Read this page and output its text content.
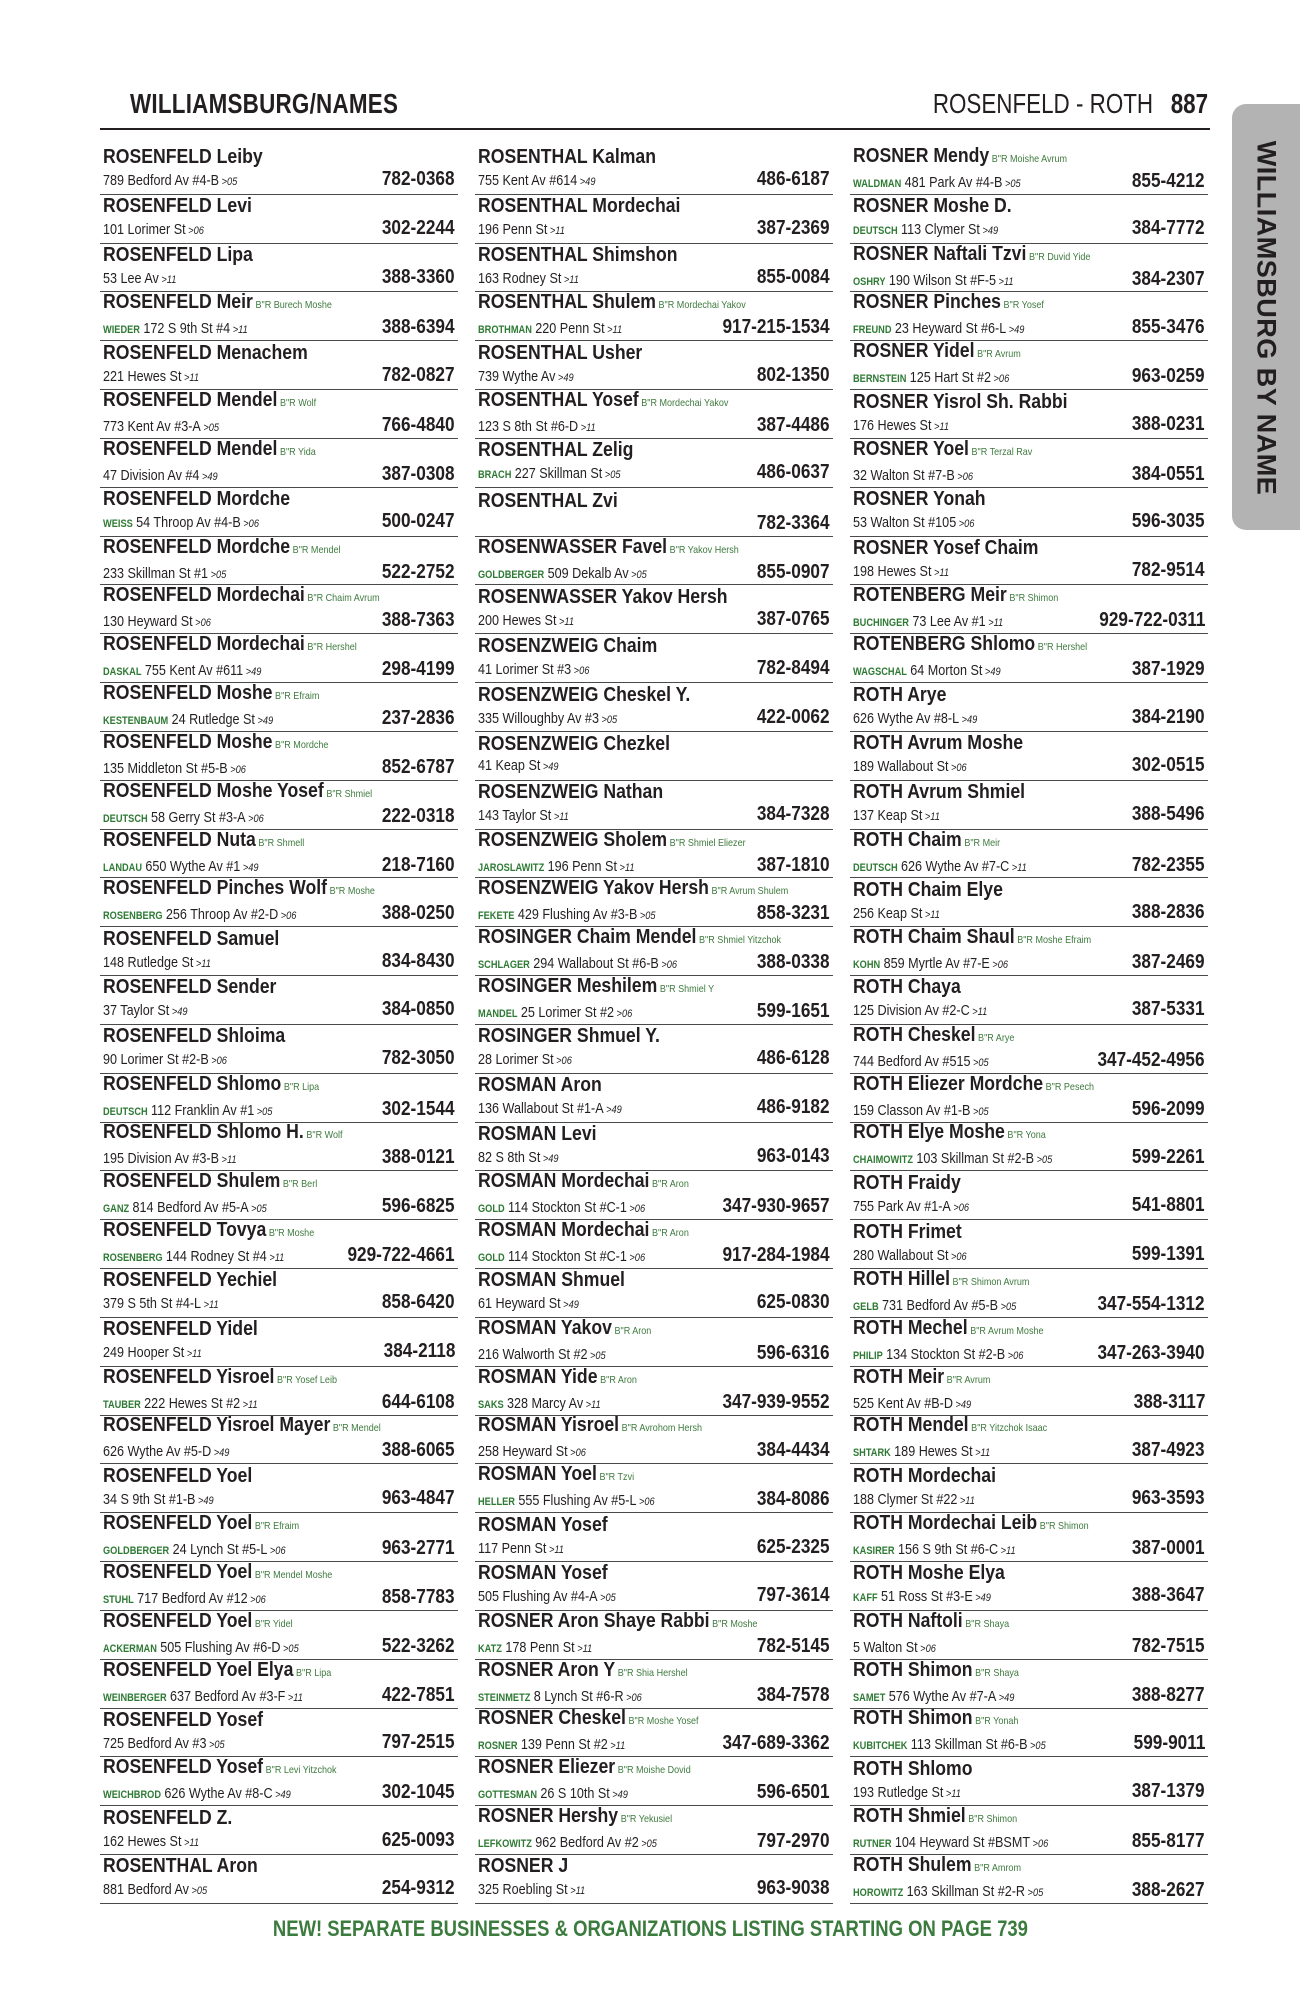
WILLIAMSBURG/NAMES	ROSENFELD - ROTH 887
WILLIAMSBURG BY NAME
ROSENFELD Leiby
789 Bedford Av #4-B >05	782-0368
ROSENFELD Levi
101 Lorimer St >06	302-2244
ROSENFELD Lipa
53 Lee Av >11	388-3360
ROSENFELD Meir B"R Burech Moshe
WIEDER 172 S 9th St #4 >11	388-6394
ROSENFELD Menachem
221 Hewes St >11	782-0827
ROSENFELD Mendel B"R Wolf
773 Kent Av #3-A >05	766-4840
ROSENFELD Mendel B"R Yida
47 Division Av #4 >49	387-0308
ROSENFELD Mordche
WEISS 54 Throop Av #4-B >06	500-0247
ROSENFELD Mordche B"R Mendel
233 Skillman St #1 >05	522-2752
ROSENFELD Mordechai B"R Chaim Avrum
130 Heyward St >06	388-7363
ROSENFELD Mordechai B"R Hershel
DASKAL 755 Kent Av #611 >49	298-4199
ROSENFELD Moshe B"R Efraim
KESTENBAUM 24 Rutledge St >49	237-2836
ROSENFELD Moshe B"R Mordche
135 Middleton St #5-B >06	852-6787
ROSENFELD Moshe Yosef B"R Shmiel
DEUTSCH 58 Gerry St #3-A >06	222-0318
ROSENFELD Nuta B"R Shmell
LANDAU 650 Wythe Av #1 >49	218-7160
ROSENFELD Pinches Wolf B"R Moshe
ROSENBERG 256 Throop Av #2-D >06	388-0250
ROSENFELD Samuel
148 Rutledge St >11	834-8430
ROSENFELD Sender
37 Taylor St >49	384-0850
ROSENFELD Shloima
90 Lorimer St #2-B >06	782-3050
ROSENFELD Shlomo B"R Lipa
DEUTSCH 112 Franklin Av #1 >05	302-1544
ROSENFELD Shlomo H. B"R Wolf
195 Division Av #3-B >11	388-0121
ROSENFELD Shulem B"R Berl
GANZ 814 Bedford Av #5-A >05	596-6825
ROSENFELD Tovya B"R Moshe
ROSENBERG 144 Rodney St #4 >11	929-722-4661
ROSENFELD Yechiel
379 S 5th St #4-L >11	858-6420
ROSENFELD Yidel
249 Hooper St >11	384-2118
ROSENFELD Yisroel B"R Yosef Leib
TAUBER 222 Hewes St #2 >11	644-6108
ROSENFELD Yisroel Mayer B"R Mendel
626 Wythe Av #5-D >49	388-6065
ROSENFELD Yoel
34 S 9th St #1-B >49	963-4847
ROSENFELD Yoel B"R Efraim
GOLDBERGER 24 Lynch St #5-L >06	963-2771
ROSENFELD Yoel B"R Mendel Moshe
STUHL 717 Bedford Av #12 >06	858-7783
ROSENFELD Yoel B"R Yidel
ACKERMAN 505 Flushing Av #6-D >05	522-3262
ROSENFELD Yoel Elya B"R Lipa
WEINBERGER 637 Bedford Av #3-F >11	422-7851
ROSENFELD Yosef
725 Bedford Av #3 >05	797-2515
ROSENFELD Yosef B"R Levi Yitzchok
WEICHBROD 626 Wythe Av #8-C >49	302-1045
ROSENFELD Z.
162 Hewes St >11	625-0093
ROSENTHAL Aron
881 Bedford Av >05	254-9312
ROSENTHAL Kalman
755 Kent Av #614 >49	486-6187
ROSENTHAL Mordechai
196 Penn St >11	387-2369
ROSENTHAL Shimshon
163 Rodney St >11	855-0084
ROSENTHAL Shulem B"R Mordechai Yakov
BROTHMAN 220 Penn St >11	917-215-1534
ROSENTHAL Usher
739 Wythe Av >49	802-1350
ROSENTHAL Yosef B"R Mordechai Yakov
123 S 8th St #6-D >11	387-4486
ROSENTHAL Zelig
BRACH 227 Skillman St >05	486-0637
ROSENTHAL Zvi
782-3364
ROSENWASSER Favel B"R Yakov Hersh
GOLDBERGER 509 Dekalb Av >05	855-0907
ROSENWASSER Yakov Hersh
200 Hewes St >11	387-0765
ROSENZWEIG Chaim
41 Lorimer St #3 >06	782-8494
ROSENZWEIG Cheskel Y.
335 Willoughby Av #3 >05	422-0062
ROSENZWEIG Chezkel
41 Keap St >49
ROSENZWEIG Nathan
143 Taylor St >11	384-7328
ROSENZWEIG Sholem B"R Shmiel Eliezer
JAROSLAWITZ 196 Penn St >11	387-1810
ROSENZWEIG Yakov Hersh B"R Avrum Shulem
FEKETE 429 Flushing Av #3-B >05	858-3231
ROSINGER Chaim Mendel B"R Shmiel Yitzchok
SCHLAGER 294 Wallabout St #6-B >06	388-0338
ROSINGER Meshilem B"R Shmiel Y
MANDEL 25 Lorimer St #2 >06	599-1651
ROSINGER Shmuel Y.
28 Lorimer St >06	486-6128
ROSMAN Aron
136 Wallabout St #1-A >49	486-9182
ROSMAN Levi
82 S 8th St >49	963-0143
ROSMAN Mordechai B"R Aron
GOLD 114 Stockton St #C-1 >06	347-930-9657
ROSMAN Mordechai B"R Aron
GOLD 114 Stockton St #C-1 >06	917-284-1984
ROSMAN Shmuel
61 Heyward St >49	625-0830
ROSMAN Yakov B"R Aron
216 Walworth St #2 >05	596-6316
ROSMAN Yide B"R Aron
SAKS 328 Marcy Av >11	347-939-9552
ROSMAN Yisroel B"R Avrohom Hersh
258 Heyward St >06	384-4434
ROSMAN Yoel B"R Tzvi
HELLER 555 Flushing Av #5-L >06	384-8086
ROSMAN Yosef
117 Penn St >11	625-2325
ROSMAN Yosef
505 Flushing Av #4-A >05	797-3614
ROSNER Aron Shaye Rabbi B"R Moshe
KATZ 178 Penn St >11	782-5145
ROSNER Aron Y B"R Shia Hershel
STEINMETZ 8 Lynch St #6-R >06	384-7578
ROSNER Cheskel B"R Moshe Yosef
ROSNER 139 Penn St #2 >11	347-689-3362
ROSNER Eliezer B"R Moishe Dovid
GOTTESMAN 26 S 10th St >49	596-6501
ROSNER Hershy B"R Yekusiel
LEFKOWITZ 962 Bedford Av #2 >05	797-2970
ROSNER J
325 Roebling St >11	963-9038
ROSNER Mendy B"R Moishe Avrum
WALDMAN 481 Park Av #4-B >05	855-4212
ROSNER Moshe D.
DEUTSCH 113 Clymer St >49	384-7772
ROSNER Naftali Tzvi B"R Duvid Yide
OSHRY 190 Wilson St #F-5 >11	384-2307
ROSNER Pinches B"R Yosef
FREUND 23 Heyward St #6-L >49	855-3476
ROSNER Yidel B"R Avrum
BERNSTEIN 125 Hart St #2 >06	963-0259
ROSNER Yisrol Sh. Rabbi
176 Hewes St >11	388-0231
ROSNER Yoel B"R Terzal Rav
32 Walton St #7-B >06	384-0551
ROSNER Yonah
53 Walton St #105 >06	596-3035
ROSNER Yosef Chaim
198 Hewes St >11	782-9514
ROTENBERG Meir B"R Shimon
BUCHINGER 73 Lee Av #1 >11	929-722-0311
ROTENBERG Shlomo B"R Hershel
WAGSCHAL 64 Morton St >49	387-1929
ROTH Arye
626 Wythe Av #8-L >49	384-2190
ROTH Avrum Moshe
189 Wallabout St >06	302-0515
ROTH Avrum Shmiel
137 Keap St >11	388-5496
ROTH Chaim B"R Meir
DEUTSCH 626 Wythe Av #7-C >11	782-2355
ROTH Chaim Elye
256 Keap St >11	388-2836
ROTH Chaim Shaul B"R Moshe Efraim
KOHN 859 Myrtle Av #7-E >06	387-2469
ROTH Chaya
125 Division Av #2-C >11	387-5331
ROTH Cheskel B"R Arye
744 Bedford Av #515 >05	347-452-4956
ROTH Eliezer Mordche B"R Pesech
159 Classon Av #1-B >05	596-2099
ROTH Elye Moshe B"R Yona
CHAIMOWITZ 103 Skillman St #2-B >05	599-2261
ROTH Fraidy
755 Park Av #1-A >06	541-8801
ROTH Frimet
280 Wallabout St >06	599-1391
ROTH Hillel B"R Shimon Avrum
GELB 731 Bedford Av #5-B >05	347-554-1312
ROTH Mechel B"R Avrum Moshe
PHILIP 134 Stockton St #2-B >06	347-263-3940
ROTH Meir B"R Avrum
525 Kent Av #B-D >49	388-3117
ROTH Mendel B"R Yitzchok Isaac
SHTARK 189 Hewes St >11	387-4923
ROTH Mordechai
188 Clymer St #22 >11	963-3593
ROTH Mordechai Leib B"R Shimon
KASIRER 156 S 9th St #6-C >11	387-0001
ROTH Moshe Elya
KAFF 51 Ross St #3-E >49	388-3647
ROTH Naftoli B"R Shaya
5 Walton St >06	782-7515
ROTH Shimon B"R Shaya
SAMET 576 Wythe Av #7-A >49	388-8277
ROTH Shimon B"R Yonah
KUBITCHEK 113 Skillman St #6-B >05	599-9011
ROTH Shlomo
193 Rutledge St >11	387-1379
ROTH Shmiel B"R Shimon
RUTNER 104 Heyward St #BSMT >06	855-8177
ROTH Shulem B"R Amrom
HOROWITZ 163 Skillman St #2-R >05	388-2627
NEW! SEPARATE BUSINESSES & ORGANIZATIONS LISTING STARTING ON PAGE 739
